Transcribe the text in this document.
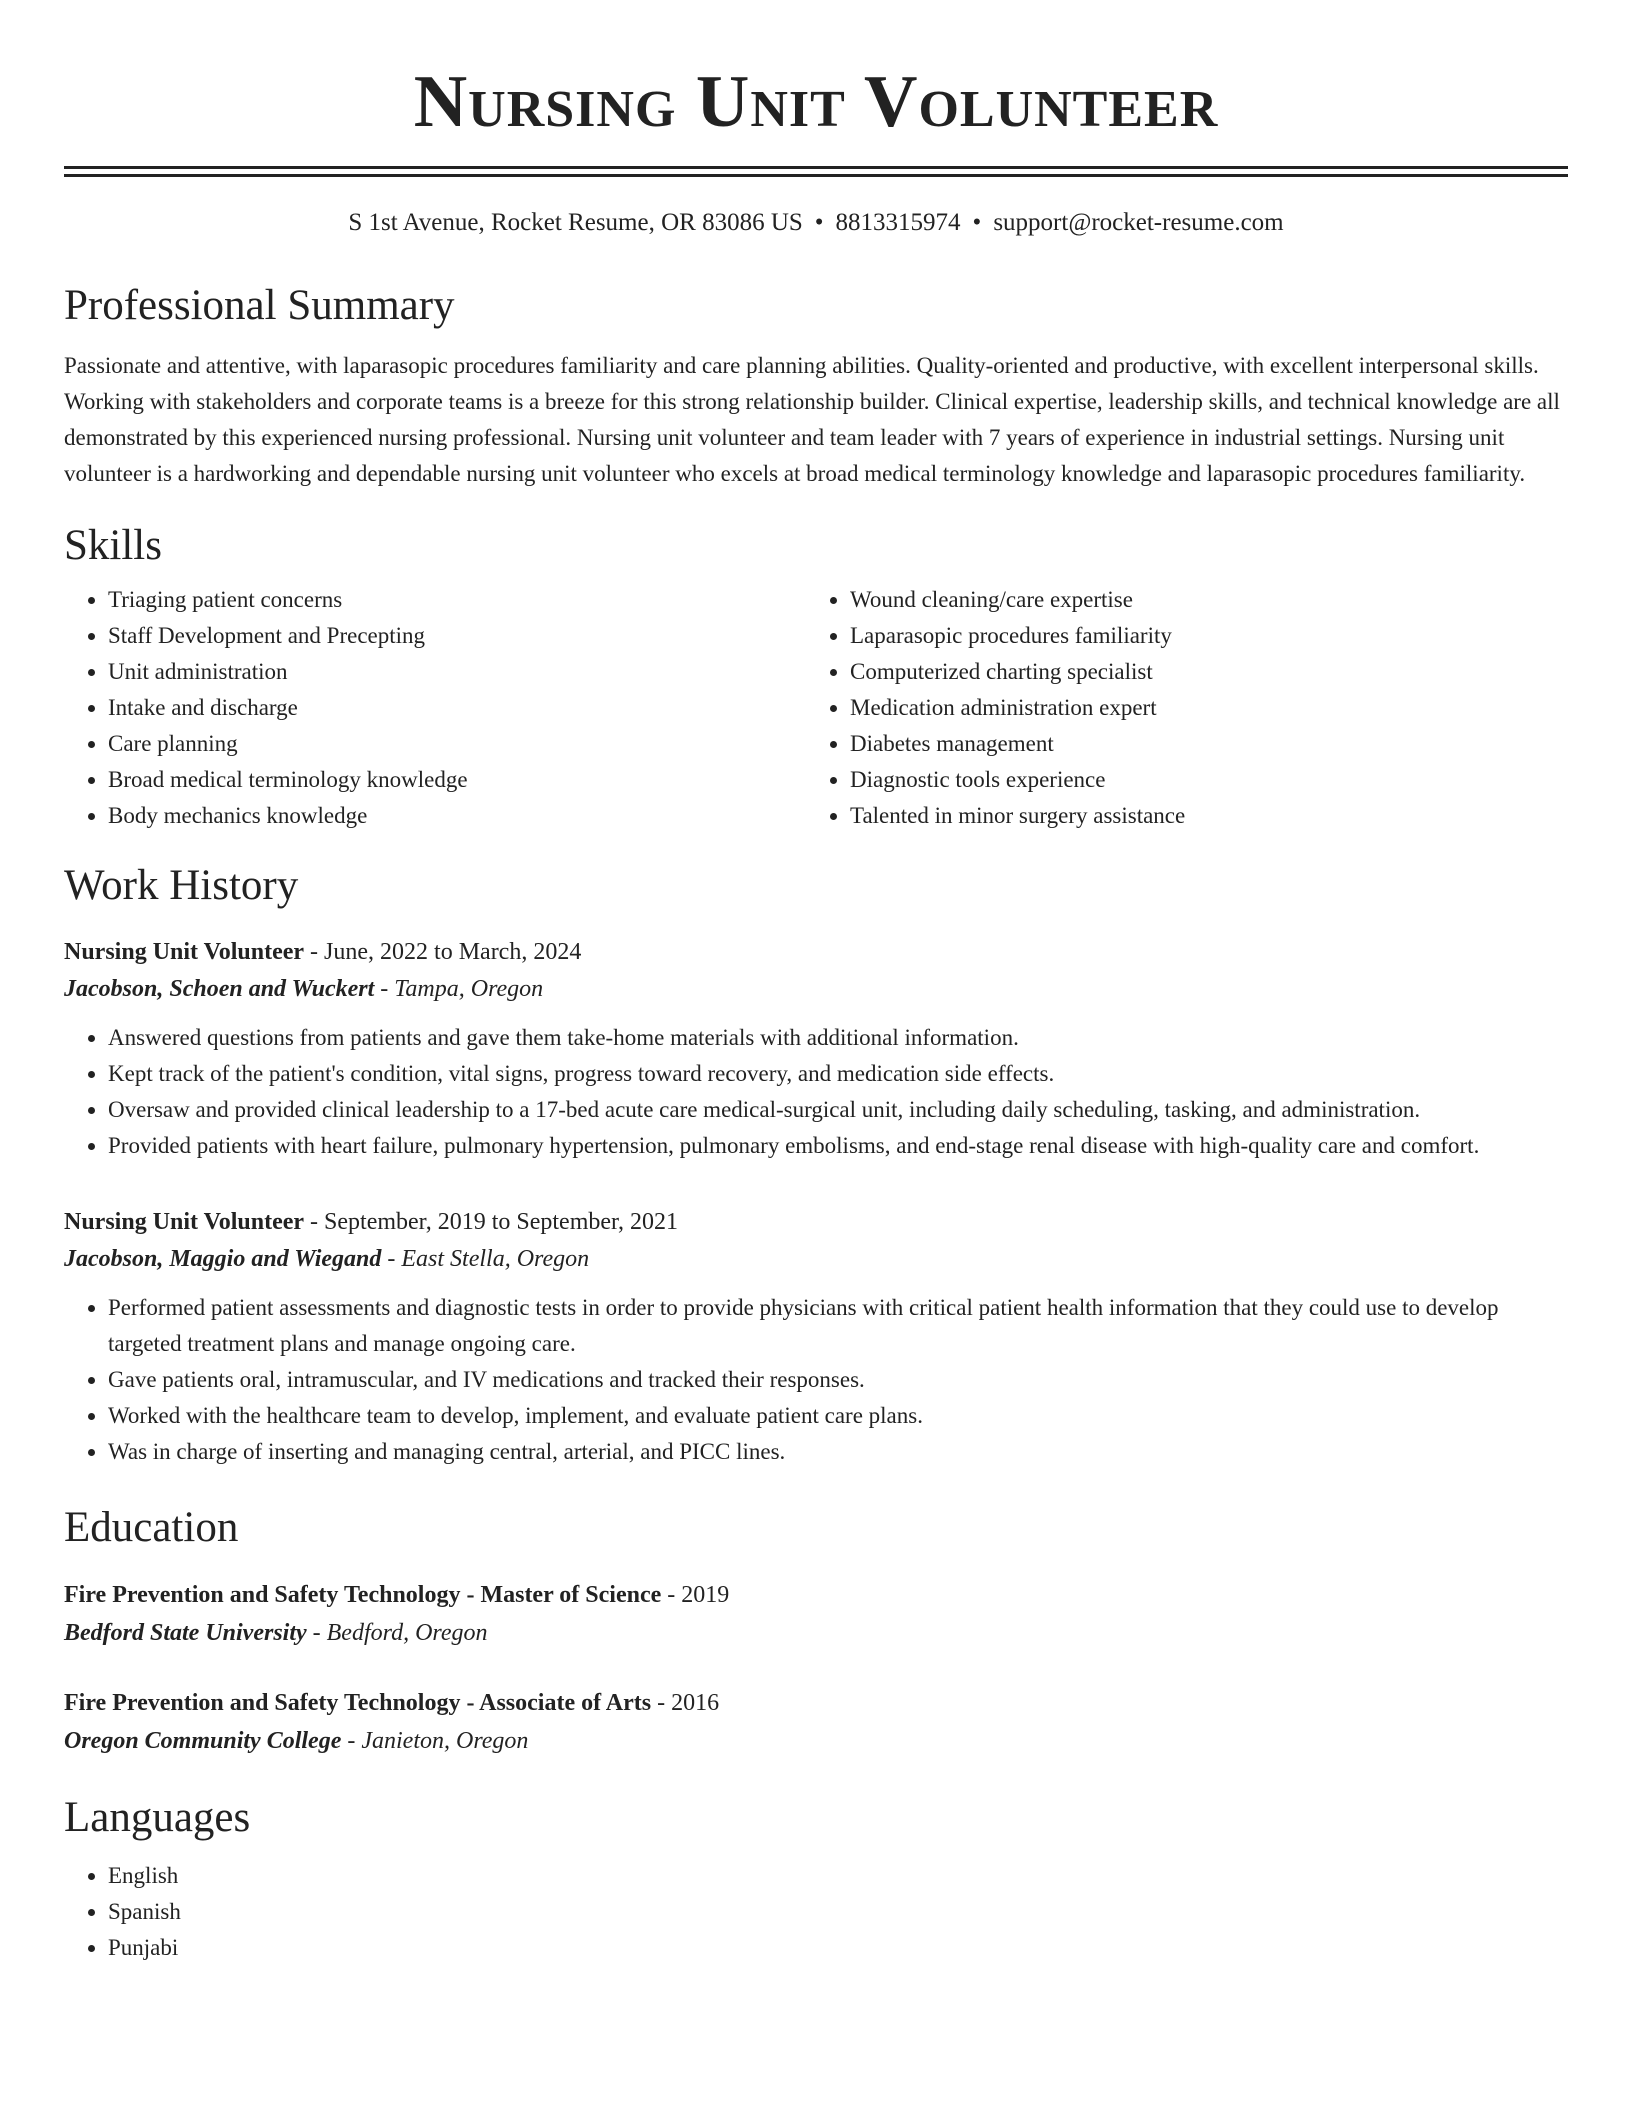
Nursing Unit Volunteer
S 1st Avenue, Rocket Resume, OR 83086 US • 8813315974 • support@rocket-resume.com
Professional Summary

Passionate and attentive, with laparasopic procedures familiarity and care planning abilities. Quality-oriented and productive, with excellent interpersonal skills. Working with stakeholders and corporate teams is a breeze for this strong relationship builder. Clinical expertise, leadership skills, and technical knowledge are all demonstrated by this experienced nursing professional. Nursing unit volunteer and team leader with 7 years of experience in industrial settings. Nursing unit volunteer is a hardworking and dependable nursing unit volunteer who excels at broad medical terminology knowledge and laparasopic procedures familiarity.

Skills
• Triaging patient concerns
• Staff Development and Precepting
• Unit administration
• Intake and discharge
• Care planning
• Broad medical terminology knowledge
• Body mechanics knowledge
• Wound cleaning/care expertise
• Laparasopic procedures familiarity
• Computerized charting specialist
• Medication administration expert
• Diabetes management
• Diagnostic tools experience
• Talented in minor surgery assistance
Work History
Nursing Unit Volunteer - June, 2022 to March, 2024
Jacobson, Schoen and Wuckert - Tampa, Oregon
• Answered questions from patients and gave them take-home materials with additional information.
• Kept track of the patient's condition, vital signs, progress toward recovery, and medication side effects.
• Oversaw and provided clinical leadership to a 17-bed acute care medical-surgical unit, including daily scheduling, tasking, and administration.
• Provided patients with heart failure, pulmonary hypertension, pulmonary embolisms, and end-stage renal disease with high-quality care and comfort.
Nursing Unit Volunteer - September, 2019 to September, 2021
Jacobson, Maggio and Wiegand - East Stella, Oregon
• Performed patient assessments and diagnostic tests in order to provide physicians with critical patient health information that they could use to develop targeted treatment plans and manage ongoing care.
• Gave patients oral, intramuscular, and IV medications and tracked their responses.
• Worked with the healthcare team to develop, implement, and evaluate patient care plans.
• Was in charge of inserting and managing central, arterial, and PICC lines.
Education
Fire Prevention and Safety Technology - Master of Science - 2019
Bedford State University - Bedford, Oregon
Fire Prevention and Safety Technology - Associate of Arts - 2016
Oregon Community College - Janieton, Oregon
Languages
• English
• Spanish
• Punjabi
